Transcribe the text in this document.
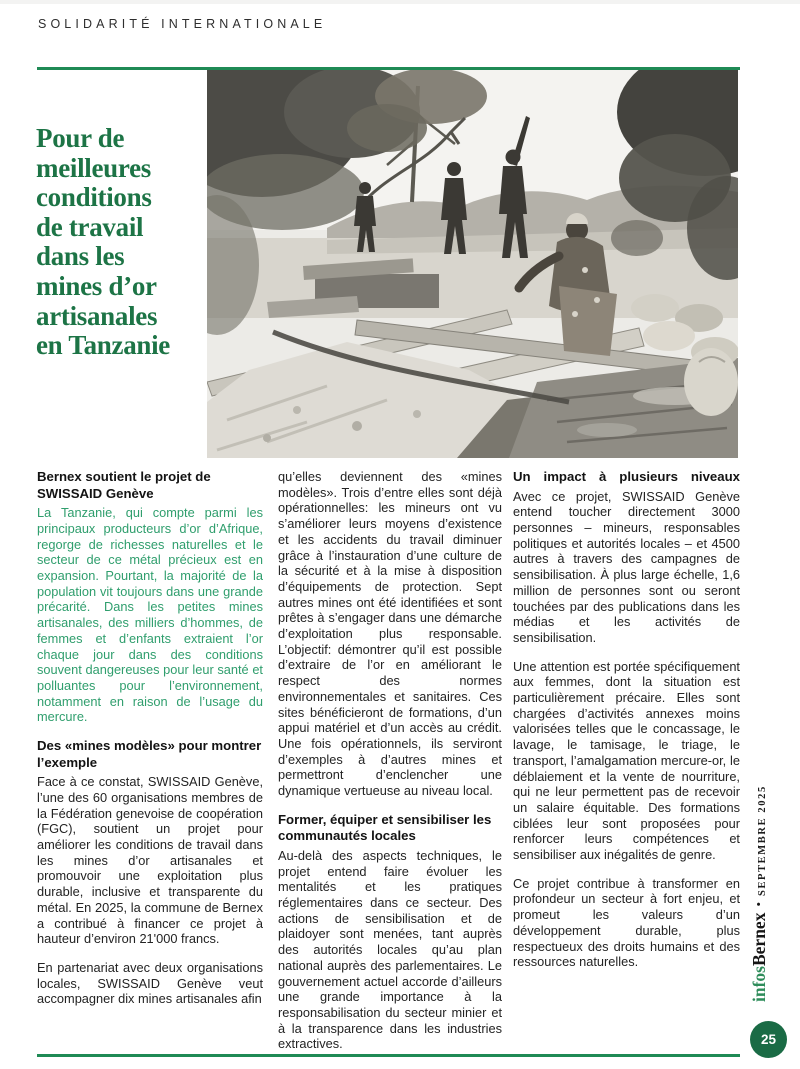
SOLIDARITÉ INTERNATIONALE
Pour de
meilleures
conditions
de travail
dans les
mines d’or
artisanales
en Tanzanie
Bernex soutient le projet de SWISSAID Genève

La Tanzanie, qui compte parmi les principaux producteurs d’or d’Afrique, regorge de richesses naturelles et le secteur de ce métal précieux est en expansion. Pourtant, la majorité de la population vit toujours dans une grande précarité. Dans les petites mines artisanales, des milliers d’hommes, de femmes et d’enfants extraient l’or chaque jour dans des conditions souvent dangereuses pour leur santé et polluantes pour l’environnement, notamment en raison de l’usage du mercure.

Des «mines modèles» pour montrer l’exemple

Face à ce constat, SWISSAID Genève, l’une des 60 organisations membres de la Fédération genevoise de coopération (FGC), soutient un projet pour améliorer les conditions de travail dans les mines d’or artisanales et promouvoir une exploitation plus durable, inclusive et transparente du métal. En 2025, la commune de Bernex a contribué à financer ce projet à hauteur d’environ 21'000 francs.

En partenariat avec deux organisations locales, SWISSAID Genève veut accompagner dix mines artisanales afin

qu’elles deviennent des «mines modèles». Trois d’entre elles sont déjà opérationnelles: les mineurs ont vu s’améliorer leurs moyens d’existence et les accidents du travail diminuer grâce à l’instauration d’une culture de la sécurité et à la mise à disposition d’équipements de protection. Sept autres mines ont été identifiées et sont prêtes à s’engager dans une démarche d’exploitation plus responsable. L’objectif: démontrer qu’il est possible d’extraire de l’or en améliorant le respect des normes environnementales et sanitaires. Ces sites bénéficieront de formations, d’un appui matériel et d’un accès au crédit. Une fois opérationnels, ils serviront d’exemples à d’autres mines et permettront d’enclencher une dynamique vertueuse au niveau local.

Former, équiper et sensibiliser les communautés locales

Au-delà des aspects techniques, le projet entend faire évoluer les mentalités et les pratiques réglementaires dans ce secteur. Des actions de sensibilisation et de plaidoyer sont menées, tant auprès des autorités locales qu’au plan national auprès des parlementaires. Le gouvernement actuel accorde d’ailleurs une grande importance à la responsabilisation du secteur minier et à la transparence dans les industries extractives.

Un impact à plusieurs niveaux

Avec ce projet, SWISSAID Genève entend toucher directement 3000 personnes – mineurs, responsables politiques et autorités locales – et 4500 autres à travers des campagnes de sensibilisation. À plus large échelle, 1,6 million de personnes sont ou seront touchées par des publications dans les médias et les activités de sensibilisation.

Une attention est portée spécifiquement aux femmes, dont la situation est particulièrement précaire. Elles sont chargées d’activités annexes moins valorisées telles que le concassage, le lavage, le tamisage, le triage, le transport, l’amalgamation mercure-or, le déblaiement et la vente de nourriture, qui ne leur permettent pas de recevoir un salaire équitable. Des formations ciblées leur sont proposées pour renforcer leurs compétences et sensibiliser aux inégalités de genre.

Ce projet contribue à transformer en profondeur un secteur à fort enjeu, et promeut les valeurs d’un développement durable, plus respectueux des droits humains et des ressources naturelles.

infosBernex•SEPTEMBRE 2025
25
